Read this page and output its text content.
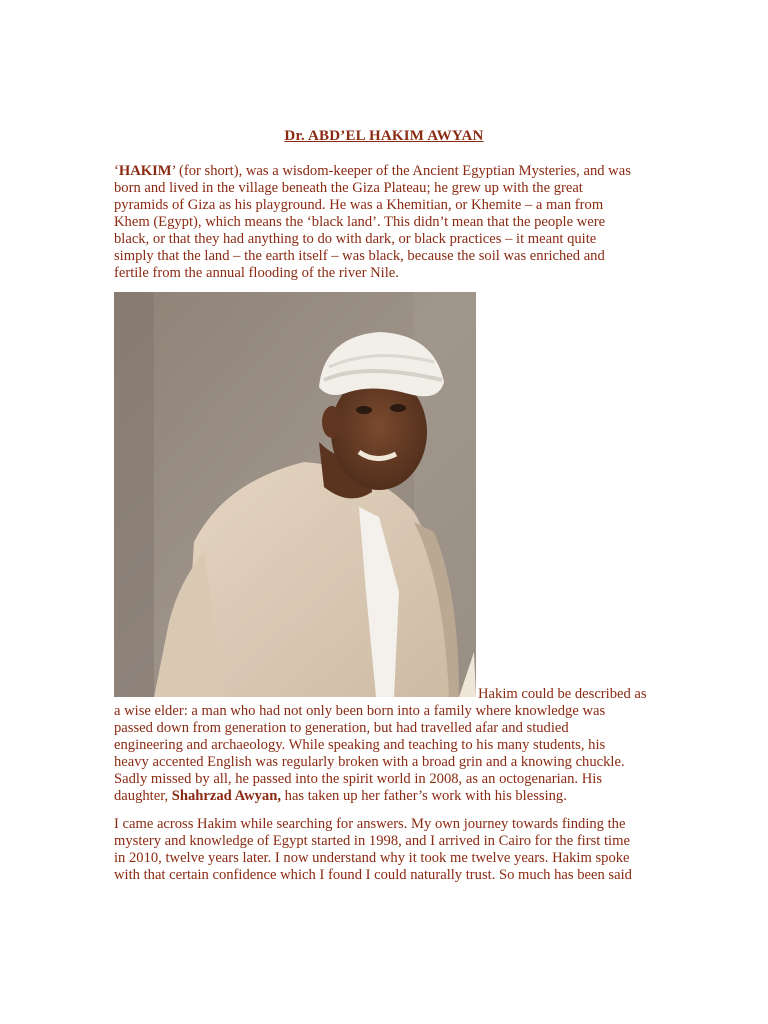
Dr. ABD’EL HAKIM AWYAN
‘HAKIM’ (for short), was a wisdom-keeper of the Ancient Egyptian Mysteries, and was
born and lived in the village beneath the Giza Plateau; he grew up with the great
pyramids of Giza as his playground. He was a Khemitian, or Khemite – a man from
Khem (Egypt), which means the ‘black land’. This didn’t mean that the people were
black, or that they had anything to do with dark, or black practices – it meant quite
simply that the land – the earth itself – was black, because the soil was enriched and
fertile from the annual flooding of the river Nile.
Hakim could be described as
a wise elder: a man who had not only been born into a family where knowledge was
passed down from generation to generation, but had travelled afar and studied
engineering and archaeology. While speaking and teaching to his many students, his
heavy accented English was regularly broken with a broad grin and a knowing chuckle.
Sadly missed by all, he passed into the spirit world in 2008, as an octogenarian. His
daughter, Shahrzad Awyan, has taken up her father’s work with his blessing.
I came across Hakim while searching for answers. My own journey towards finding the
mystery and knowledge of Egypt started in 1998, and I arrived in Cairo for the first time
in 2010, twelve years later. I now understand why it took me twelve years. Hakim spoke
with that certain confidence which I found I could naturally trust. So much has been said
